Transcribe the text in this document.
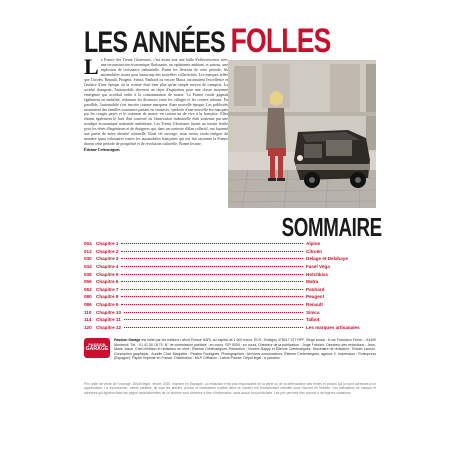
LES ANNÉES FOLLES
L a France des Trente Glorieuses, c'est avant tout une bulle d'effervescence avec une reconstruction économique florissante, un optimisme ambiant, et surtout, une explosion de croissance industrielle. Parmi les fleurons de cette période, les automobiles issues pour beaucoup des nouvelles collectivités. Les marques telles que Citroën, Renault, Peugeot, Simca, Panhard ou encore Matra, incarnaient l'excellence et l'audace d'une époque où la voiture était bien plus qu'un simple moyen de transport. La société changeait, l'automobile devenait un objet d'aspiration pour une classe moyenne émergente qui accédait enfin à la consommation de masse. La France rurale gagnait également en mobilité, réduisant les distances entre les villages et les centres urbains. En parallèle, l'automobile s'est inscrite comme marqueur d'une nouvelle époque. Les publicités montraient des familles souriantes partant en vacances, symbole d'une nouvelle ère marquée par les congés payés et le tourisme de masse, en sortant un de vive à la française. Elles étaient également le fruit d'un contexte où l'innovation industrielle était soutenue par une stratégie économique nationale ambitieuse. Les Trente Glorieuses furent un terrain fertile pour les rêves d'ingénieurs et de designers qui, dans un contexte d'élan collectif, ont façonné une partie de notre identité culturelle. Dans cet ouvrage, nous avons voulu intégrer de manière quasi exhaustive toutes les automobiles françaises qui ont fait rayonner la France durant cette période de prospérité et de révolution culturelle. Bonne lecture,
Étienne Crétenségues
SOMMAIRE
004 Chapitre 1	Alpine
012 Chapitre 2	Citroën
030 Chapitre 3	Delage et Delahaye
034 Chapitre 4	Facel Vega
038 Chapitre 5	Hotchkiss
056 Chapitre 6	Matra
062 Chapitre 7	Panhard
080 Chapitre 8	Peugeot
086 Chapitre 9	Renault
110 Chapitre 10	Simca
114 Chapitre 11	Talbot
120 Chapitre 12	Les marques artisanales
PASSION
GARAGE
Passion Garage est édité par les éditions Lafont Presse SARL au capital de 1 600 euros, RCS : Bobigny 478017 577 RPF. Siège social : 6 rue Francisco Ferrer – 93400 Montreuil. Tél. : 01 41 50 18 70. N° de commission paritaire : en cours. ISP ISSN : en cours. Directeur de la publication : Jorge Fabrizio. Directeur des rédactions : Jean-Marie Josse. Chef d'édition et rédacteur en chef : Étienne Crétenségues. Rédaction : Vincent Nappy et Étienne Crétenségues. Secrétaire de rédaction : Robert Lacroix. Conception graphique : Aurélie Chat. Maquette : Pauline Rodrigues. Photographies : Archives constructeurs, Étienne Crétenségues, agence X. Impression : Rotimpress (Espagne). Papier imprimé en France. Distribution : MLP. Diffusion : Lafont Presse. Dépôt légal : à parution.
Prix unité de vente de l'ouvrage. Dépôt légal : février 2025. Imprimé en Espagne. La rédaction n'est pas responsable de la perte ou de la détérioration des textes et photos qui lui sont adressés pour appréciation. La reproduction, même partielle, de tous les articles, photos et illustrations publiés dans ce numéro est formellement interdite sans l'accord de l'éditeur. Les indications de marque et adresses qui figurent dans les pages rédactionnelles de ce numéro sont données à titre d'information, sans aucun but publicitaire. Les prix peuvent être soumis à de légères variations.
